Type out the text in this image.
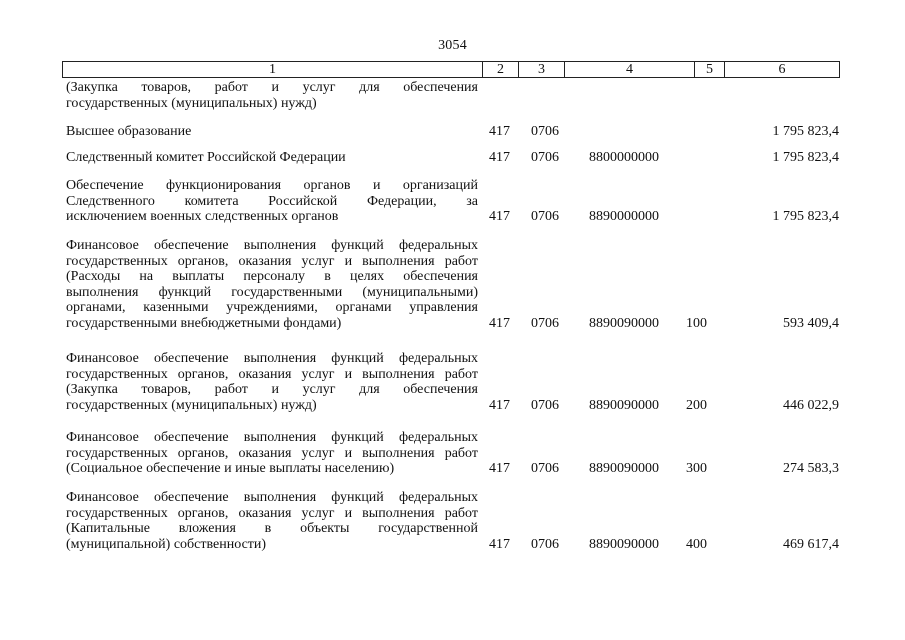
3054
1	2	3	4	5	6
(Закупка товаров, работ и услуг для обеспечения
государственных (муниципальных) нужд)
Высшее образование	417 0706	1 795 823,4
Следственный комитет Российской Федерации	417 0706 8800000000	1 795 823,4
Обеспечение функционирования органов и организаций
Следственного комитета Российской Федерации, за
исключением военных следственных органов	417 0706 8890000000	1 795 823,4
Финансовое обеспечение выполнения функций федеральных
государственных органов, оказания услуг и выполнения работ
(Расходы на выплаты персоналу в целях обеспечения
выполнения функций государственными (муниципальными)
органами, казенными учреждениями, органами управления
государственными внебюджетными фондами)	417 0706 8890090000 100	593 409,4
Финансовое обеспечение выполнения функций федеральных
государственных органов, оказания услуг и выполнения работ
(Закупка товаров, работ и услуг для обеспечения
государственных (муниципальных) нужд)	417 0706 8890090000 200	446 022,9
Финансовое обеспечение выполнения функций федеральных
государственных органов, оказания услуг и выполнения работ
(Социальное обеспечение и иные выплаты населению)	417 0706 8890090000 300	274 583,3
Финансовое обеспечение выполнения функций федеральных
государственных органов, оказания услуг и выполнения работ
(Капитальные вложения в объекты государственной
(муниципальной) собственности)	417 0706 8890090000 400	469 617,4
